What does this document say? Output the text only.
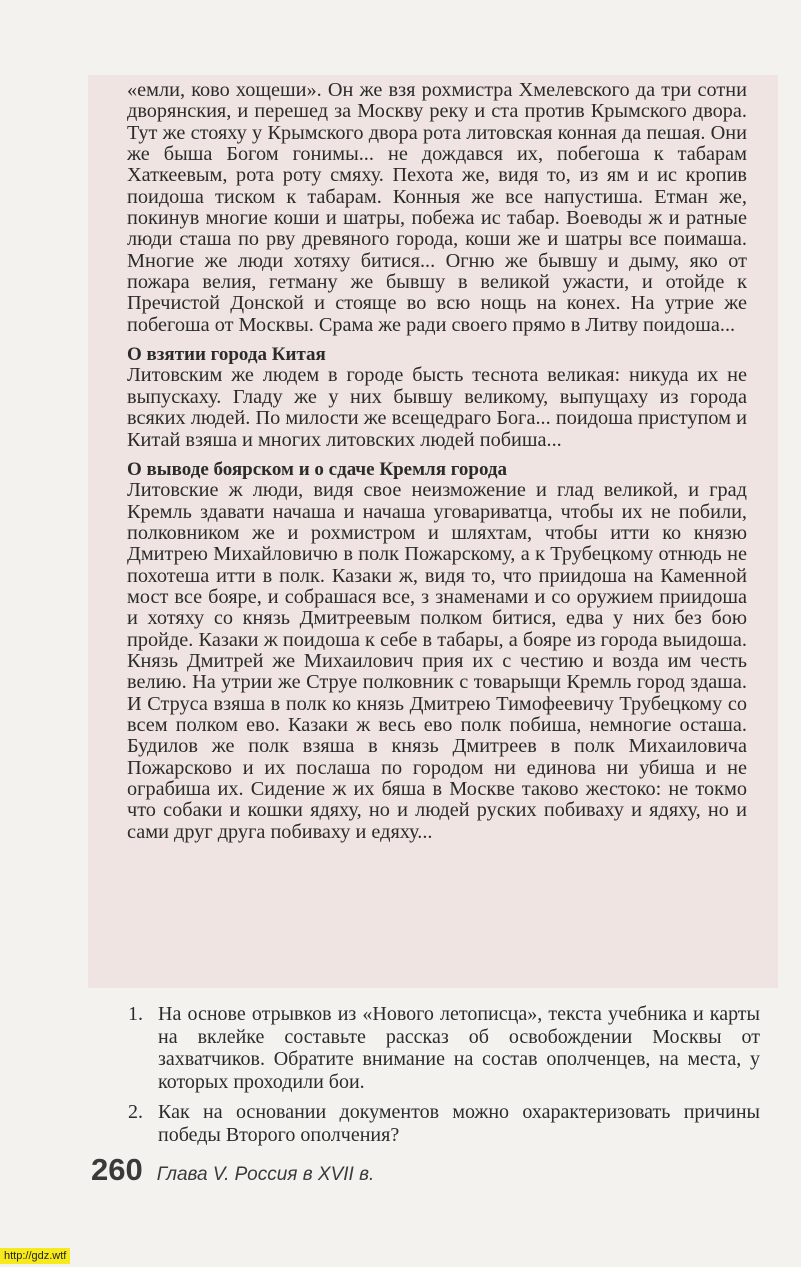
«емли, ково хощеши». Он же взя рохмистра Хмелевского да три сотни дворянския, и перешед за Москву реку и ста против Крымского двора. Тут же стояху у Крымского двора рота литовская конная да пешая. Они же быша Богом гонимы... не дождався их, побегоша к табарам Хаткеевым, рота роту смяху. Пехота же, видя то, из ям и ис кропив поидоша тиском к табарам. Конныя же все напустиша. Етман же, покинув многие коши и шатры, побежа ис табар. Воеводы ж и ратные люди сташа по рву древяного города, коши же и шатры все поимаша. Многие же люди хотяху битися... Огню же бывшу и дыму, яко от пожара велия, гетману же бывшу в великой ужасти, и отойде к Пречистой Донской и стояще во всю нощь на конех. На утрие же побегоша от Москвы. Срама же ради своего прямо в Литву поидоша...

О взятии города Китая

Литовским же людем в городе бысть теснота великая: никуда их не выпускаху. Гладу же у них бывшу великому, выпущаху из города всяких людей. По милости же всещедраго Бога... поидоша приступом и Китай взяша и многих литовских людей побиша...

О выводе боярском и о сдаче Кремля города

Литовские ж люди, видя свое неизможение и глад великой, и град Кремль здавати начаша и начаша уговариватца, чтобы их не побили, полковником же и рохмистром и шляхтам, чтобы итти ко князю Дмитрею Михайловичю в полк Пожарскому, а к Трубецкому отнюдь не похотеша итти в полк. Казаки ж, видя то, что приидоша на Каменной мост все бояре, и собрашася все, з знаменами и со оружием приидоша и хотяху со князь Дмитреевым полком битися, едва у них без бою пройде. Казаки ж поидоша к себе в табары, а бояре из города выидоша. Князь Дмитрей же Михаилович прия их с честию и возда им честь велию. На утрии же Струе полковник с товарыщи Кремль город здаша. И Струса взяша в полк ко князь Дмитрею Тимофеевичу Трубецкому со всем полком ево. Казаки ж весь ево полк побиша, немногие осташа. Будилов же полк взяша в князь Дмитреев в полк Михаиловича Пожарсково и их послаша по городом ни единова ни убиша и не ограбиша их. Сидение ж их бяша в Москве таково жестоко: не токмо что собаки и кошки ядяху, но и людей руских побиваху и ядяху, но и сами друг друга побиваху и едяху...

1. На основе отрывков из «Нового летописца», текста учебника и карты на вклейке составьте рассказ об освобождении Москвы от захватчиков. Обратите внимание на состав ополченцев, на места, у которых проходили бои.
2. Как на основании документов можно охарактеризовать причины победы Второго ополчения?
260 Глава V. Россия в XVII в.
http://gdz.wtf
